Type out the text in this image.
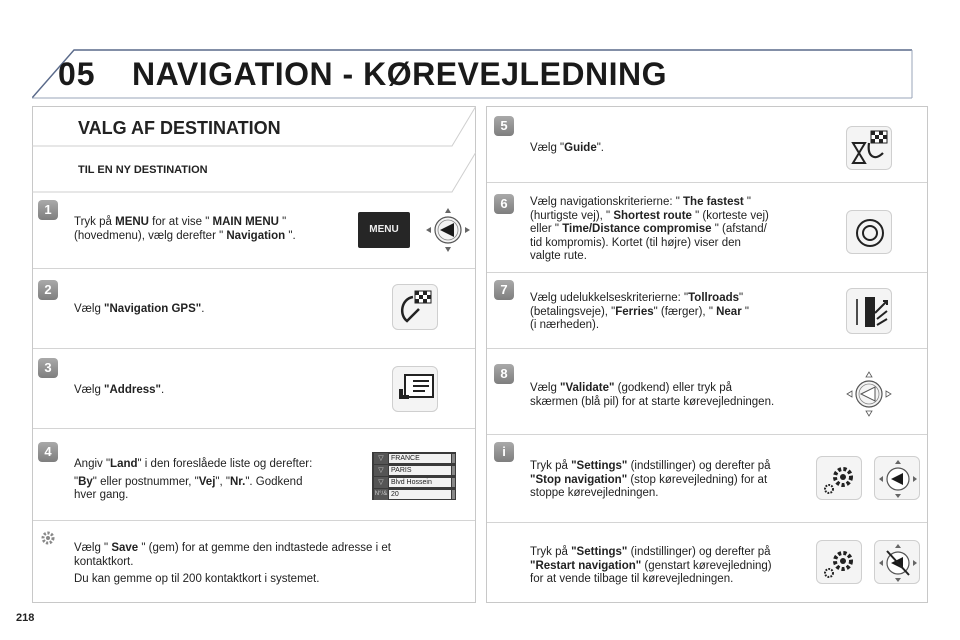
05 NAVIGATION - KØREVEJLEDNING
VALG AF DESTINATION
TIL EN NY DESTINATION
1
Tryk på MENU for at vise " MAIN MENU "
(hovedmenu), vælg derefter " Navigation ".	MENU
2
Vælg "Navigation GPS".
3
Vælg "Address".
4
Angiv "Land" i den foreslåede liste og derefter:

"By" eller postnummer, "Vej", "Nr.". Godkend
hver gang.
▽	FRANCE
▽	PARIS
▽	Blvd Hossein
N°/& 20
Vælg " Save " (gem) for at gemme den indtastede adresse i et
kontaktkort.

Du kan gemme op til 200 kontaktkort i systemet.
5
Vælg "Guide".
6	Vælg navigationskriterierne: " The fastest "
(hurtigste vej), " Shortest route " (korteste vej)
eller " Time/Distance compromise " (afstand/
tid kompromis). Kortet (til højre) viser den
valgte rute.
7
Vælg udelukkelseskriterierne: "Tollroads"
(betalingsveje), "Ferries" (færger), " Near "
(i nærheden).
8
Vælg "Validate" (godkend) eller tryk på
skærmen (blå pil) for at starte kørevejledningen.
i
Tryk på "Settings" (indstillinger) og derefter på
"Stop navigation" (stop kørevejledning) for at
stoppe kørevejledningen.
Tryk på "Settings" (indstillinger) og derefter på
"Restart navigation" (genstart kørevejledning)
for at vende tilbage til kørevejledningen.
218
